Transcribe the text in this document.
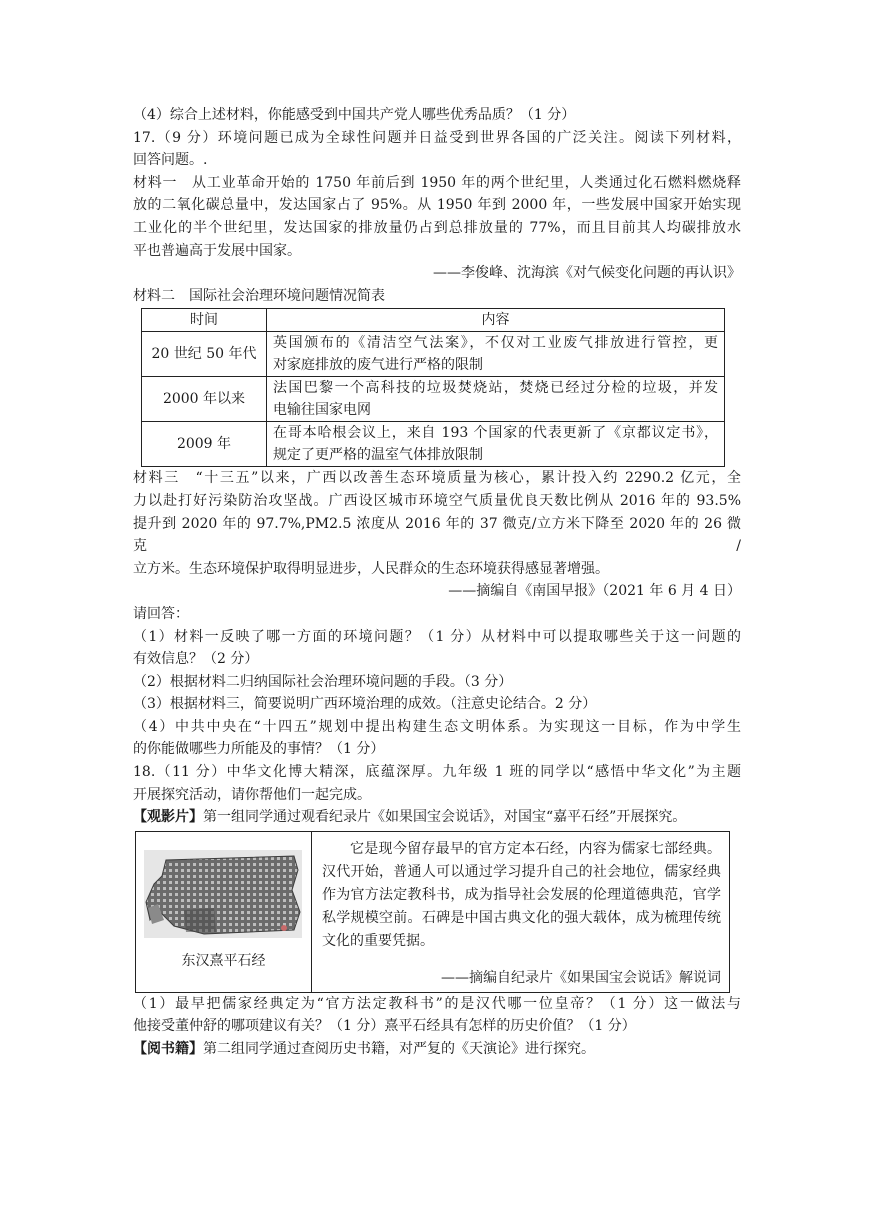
（4）综合上述材料，你能感受到中国共产党人哪些优秀品质？（1 分）
17.（9 分）环境问题已成为全球性问题并日益受到世界各国的广泛关注。阅读下列材料，
回答问题。.
材料一　从工业革命开始的 1750 年前后到 1950 年的两个世纪里，人类通过化石燃料燃烧释
放的二氧化碳总量中，发达国家占了 95%。从 1950 年到 2000 年，一些发展中国家开始实现
工业化的半个世纪里，发达国家的排放量仍占到总排放量的 77%，而且目前其人均碳排放水
平也普遍高于发展中国家。
——李俊峰、沈海滨《对气候变化问题的再认识》
材料二　国际社会治理环境问题情况简表
时间	内容
20 世纪 50 年代	英国颁布的《清洁空气法案》，不仅对工业废气排放进行管控，更
对家庭排放的废气进行严格的限制

2000 年以来	法国巴黎一个高科技的垃圾焚烧站，焚烧已经过分检的垃圾，并发
电输往国家电网

2009 年	在哥本哈根会议上，来自 193 个国家的代表更新了《京都议定书》，
规定了更严格的温室气体排放限制
材料三　“十三五”以来，广西以改善生态环境质量为核心，累计投入约 2290.2 亿元，全
力以赴打好污染防治攻坚战。广西设区城市环境空气质量优良天数比例从 2016 年的 93.5%
提升到 2020 年的 97.7%,PM2.5 浓度从 2016 年的 37 微克/立方米下降至 2020 年的 26 微克/
立方米。生态环境保护取得明显进步，人民群众的生态环境获得感显著增强。
——摘编自《南国早报》（2021 年 6 月 4 日）
请回答：
（1）材料一反映了哪一方面的环境问题？（1 分）从材料中可以提取哪些关于这一问题的
有效信息？（2 分）
（2）根据材料二归纳国际社会治理环境问题的手段。（3 分）
（3）根据材料三，简要说明广西环境治理的成效。（注意史论结合。2 分）
（4）中共中央在“十四五”规划中提出构建生态文明体系。为实现这一目标，作为中学生
的你能做哪些力所能及的事情？（1 分）
18.（11 分）中华文化博大精深，底蕴深厚。九年级 1 班的同学以“感悟中华文化”为主题
开展探究活动，请你帮他们一起完成。
【观影片】第一组同学通过观看纪录片《如果国宝会说话》，对国宝“嘉平石经”开展探究。
东汉熹平石经

它是现今留存最早的官方定本石经，内容为儒家七部经典。汉代开始，普通人可以通过学习提升自己的社会地位，儒家经典作为官方法定教科书，成为指导社会发展的伦理道德典范，官学私学规模空前。石碑是中国古典文化的强大载体，成为梳理传统文化的重要凭据。
——摘编自纪录片《如果国宝会说话》解说词
（1）最早把儒家经典定为“官方法定教科书”的是汉代哪一位皇帝？（1 分）这一做法与
他接受董仲舒的哪项建议有关？（1 分）熹平石经具有怎样的历史价值？（1 分）
【阅书籍】第二组同学通过查阅历史书籍，对严复的《天演论》进行探究。
